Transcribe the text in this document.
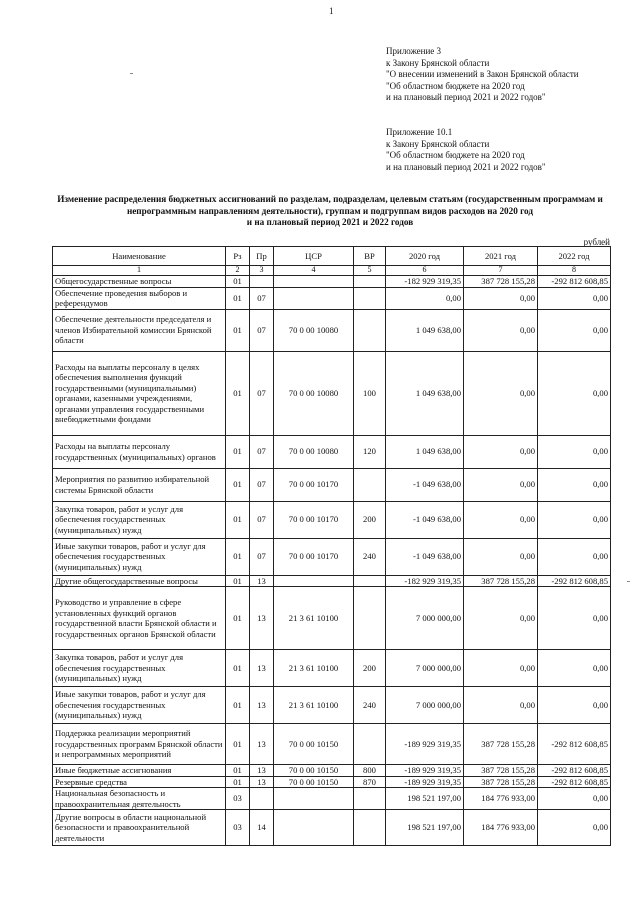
1
Приложение 3
к Закону Брянской области
"О внесении изменений в Закон Брянской области
"Об областном бюджете на 2020 год
и на плановый период 2021 и 2022 годов"
Приложение 10.1
к Закону Брянской области
"Об областном бюджете на 2020 год
и на плановый период 2021 и 2022 годов"
Изменение распределения бюджетных ассигнований по разделам, подразделам, целевым статьям (государственным программам и
непрограммным направлениям деятельности), группам и подгруппам видов расходов на 2020 год
и на плановый период 2021 и 2022 годов
рублей
Наименование	Рз	Пр	ЦСР	ВР	2020 год	2021 год	2022 год
1	2	3	4	5	6	7	8
Общегосударственные вопросы	01				-182 929 319,35	387 728 155,28	-292 812 608,85
Обеспечение проведения выборов и референдумов	01	07			0,00	0,00	0,00
Обеспечение деятельности председателя и членов Избирательной комиссии Брянской области	01	07	70 0 00 10080		1 049 638,00	0,00	0,00
Расходы на выплаты персоналу в целях обеспечения выполнения функций государственными (муниципальными) органами, казенными учреждениями, органами управления государственными внебюджетными фондами	01	07	70 0 00 10080	100	1 049 638,00	0,00	0,00
Расходы на выплаты персоналу государственных (муниципальных) органов	01	07	70 0 00 10080	120	1 049 638,00	0,00	0,00
Мероприятия по развитию избирательной системы Брянской области	01	07	70 0 00 10170		-1 049 638,00	0,00	0,00
Закупка товаров, работ и услуг для обеспечения государственных (муниципальных) нужд	01	07	70 0 00 10170	200	-1 049 638,00	0,00	0,00
Иные закупки товаров, работ и услуг для обеспечения государственных (муниципальных) нужд	01	07	70 0 00 10170	240	-1 049 638,00	0,00	0,00
Другие общегосударственные вопросы	01	13			-182 929 319,35	387 728 155,28	-292 812 608,85
Руководство и управление в сфере установленных функций органов государственной власти Брянской области и государственных органов Брянской области	01	13	21 3 61 10100		7 000 000,00	0,00	0,00
Закупка товаров, работ и услуг для обеспечения государственных (муниципальных) нужд	01	13	21 3 61 10100	200	7 000 000,00	0,00	0,00
Иные закупки товаров, работ и услуг для обеспечения государственных (муниципальных) нужд	01	13	21 3 61 10100	240	7 000 000,00	0,00	0,00
Поддержка реализации мероприятий государственных программ Брянской области и непрограммных мероприятий	01	13	70 0 00 10150		-189 929 319,35	387 728 155,28	-292 812 608,85
Иные бюджетные ассигнования	01	13	70 0 00 10150	800	-189 929 319,35	387 728 155,28	-292 812 608,85
Резервные средства	01	13	70 0 00 10150	870	-189 929 319,35	387 728 155,28	-292 812 608,85
Национальная безопасность и правоохранительная деятельность	03				198 521 197,00	184 776 933,00	0,00
Другие вопросы в области национальной безопасности и правоохранительной деятельности	03	14			198 521 197,00	184 776 933,00	0,00
